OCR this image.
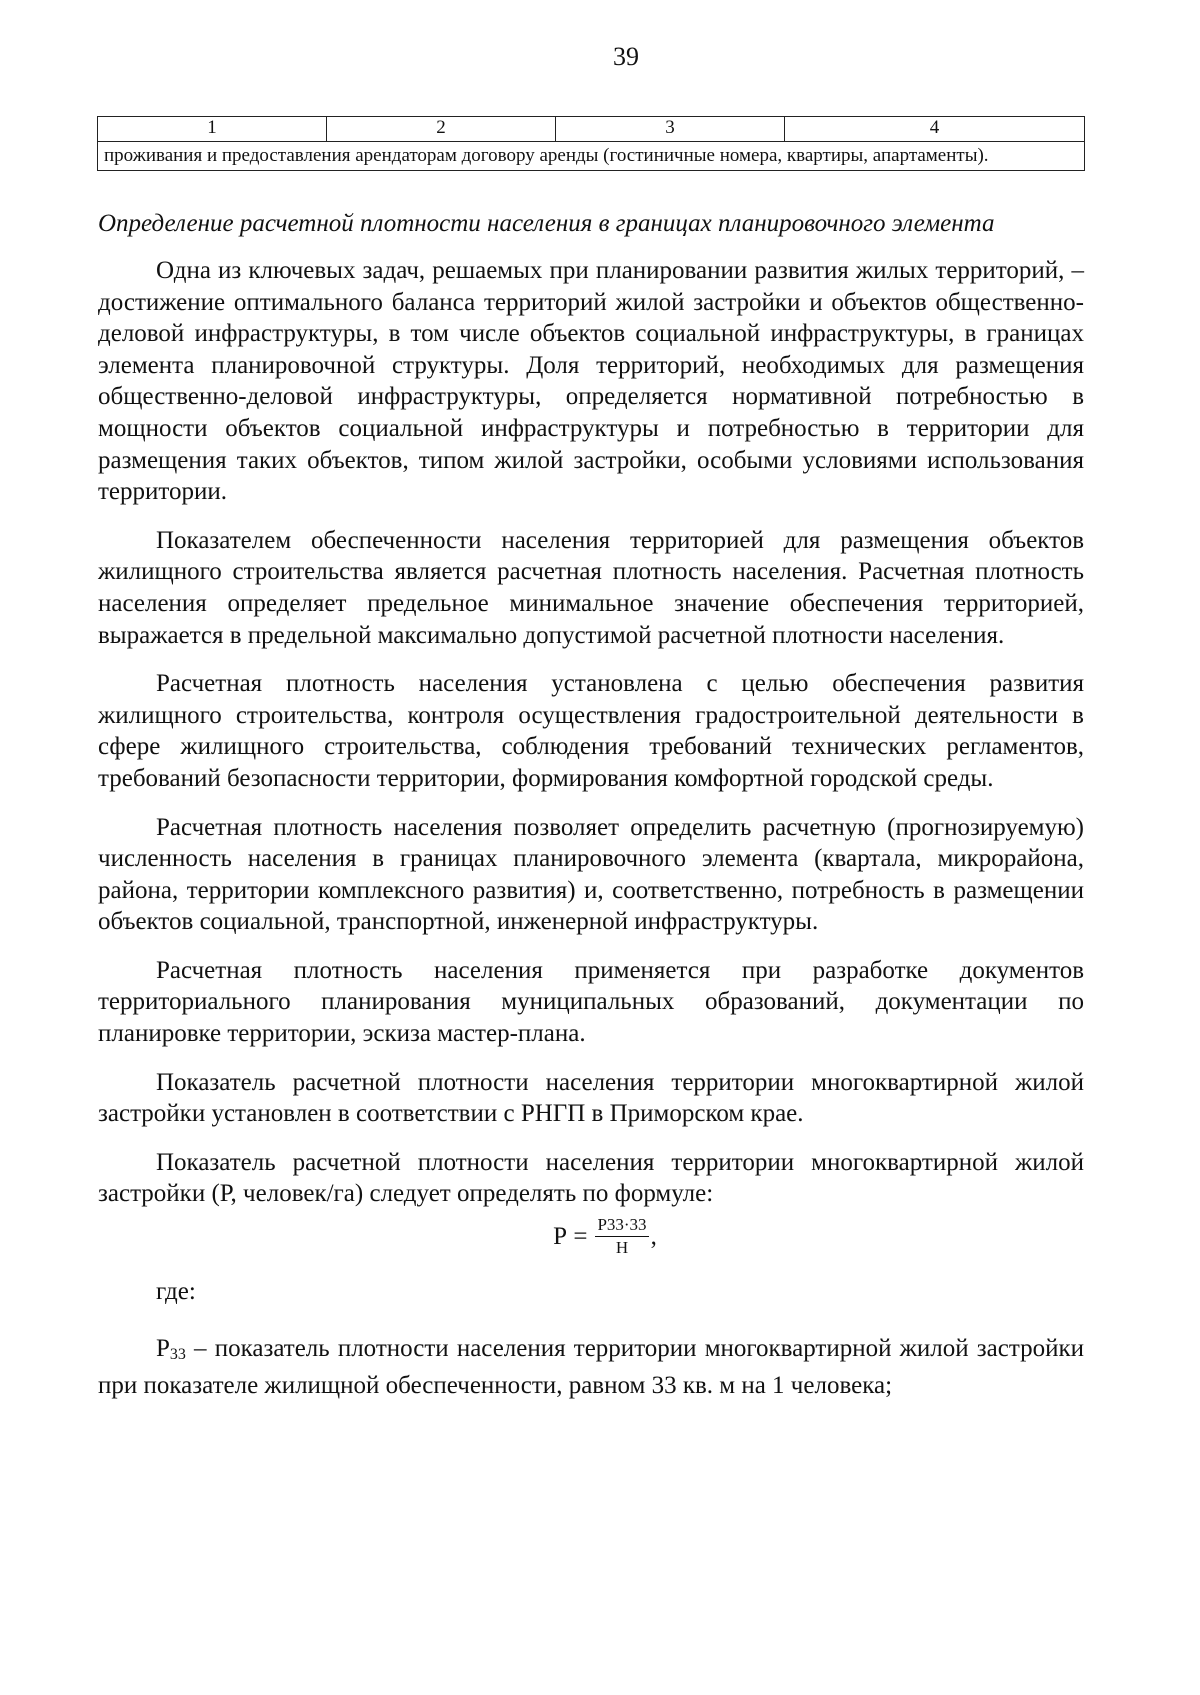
39
1	2	3	4
проживания и предоставления арендаторам договору аренды (гостиничные номера, квартиры, апартаменты).
Определение расчетной плотности населения в границах планировочного элемента

Одна из ключевых задач, решаемых при планировании развития жилых территорий, – достижение оптимального баланса территорий жилой застройки и объектов общественно-деловой инфраструктуры, в том числе объектов социальной инфраструктуры, в границах элемента планировочной структуры. Доля территорий, необходимых для размещения общественно-деловой инфраструктуры, определяется нормативной потребностью в мощности объектов социальной инфраструктуры и потребностью в территории для размещения таких объектов, типом жилой застройки, особыми условиями использования территории.

Показателем обеспеченности населения территорией для размещения объектов жилищного строительства является расчетная плотность населения. Расчетная плотность населения определяет предельное минимальное значение обеспечения территорией, выражается в предельной максимально допустимой расчетной плотности населения.

Расчетная плотность населения установлена с целью обеспечения развития жилищного строительства, контроля осуществления градостроительной деятельности в сфере жилищного строительства, соблюдения требований технических регламентов, требований безопасности территории, формирования комфортной городской среды.

Расчетная плотность населения позволяет определить расчетную (прогнозируемую) численность населения в границах планировочного элемента (квартала, микрорайона, района, территории комплексного развития) и, соответственно, потребность в размещении объектов социальной, транспортной, инженерной инфраструктуры.

Расчетная плотность населения применяется при разработке документов территориального планирования муниципальных образований, документации по планировке территории, эскиза мастер-плана.

Показатель расчетной плотности населения территории многоквартирной жилой застройки установлен в соответствии с РНГП в Приморском крае.

Показатель расчетной плотности населения территории многоквартирной жилой застройки (Р, человек/га) следует определять по формуле:

$Р = \frac{Р33\cdot 33}{Н}$ ,
где:

Р33 – показатель плотности населения территории многоквартирной жилой застройки при показателе жилищной обеспеченности, равном 33 кв. м на 1 человека;
